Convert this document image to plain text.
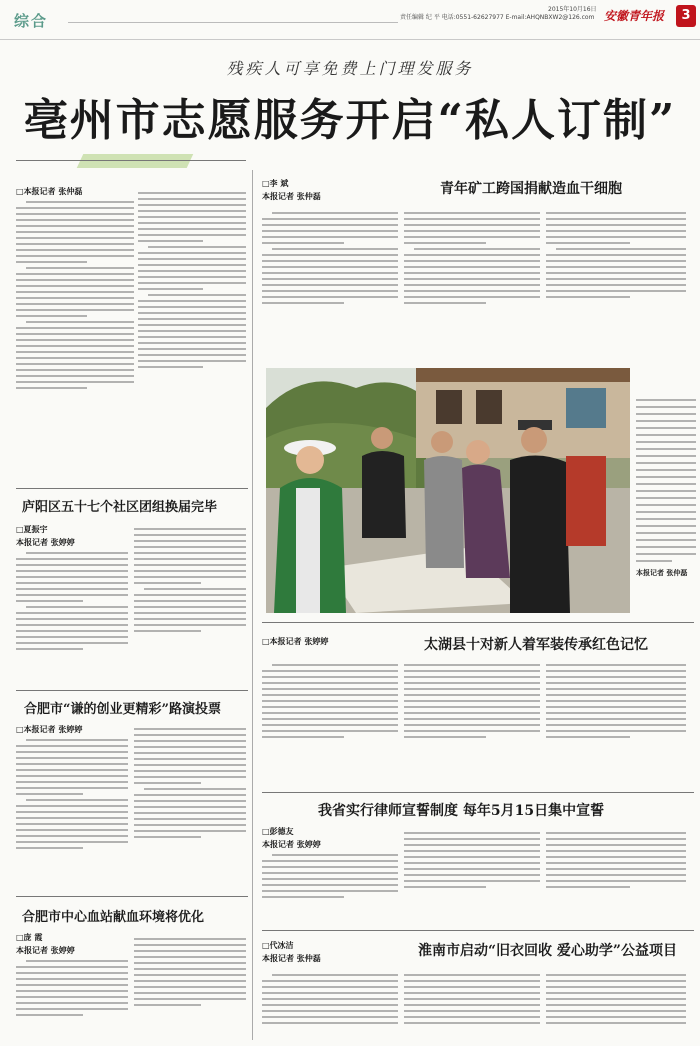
综合	责任编辑 纪 平 电话:0551-62627977 E-mail:AHQNBXW2@126.com
2015年10月16日 安徽青年报	3
残疾人可享免费上门理发服务
亳州市志愿服务开启“私人订制”
□本报记者 张仲磊
庐阳区五十七个社区团组换届完毕
□夏振宇
本报记者 张婷婷
合肥市“谦的创业更精彩”路演投票
□本报记者 张婷婷
合肥市中心血站献血环境将优化
□庞 霞
本报记者 张婷婷
□李 斌
本报记者 张仲磊	青年矿工跨国捐献造血干细胞
本报记者 张仲磊
□本报记者 张婷婷	太湖县十对新人着军装传承红色记忆
我省实行律师宣誓制度 每年5月15日集中宣誓
□彭德友
本报记者 张婷婷
□代冰洁
本报记者 张仲磊	淮南市启动“旧衣回收 爱心助学”公益项目
